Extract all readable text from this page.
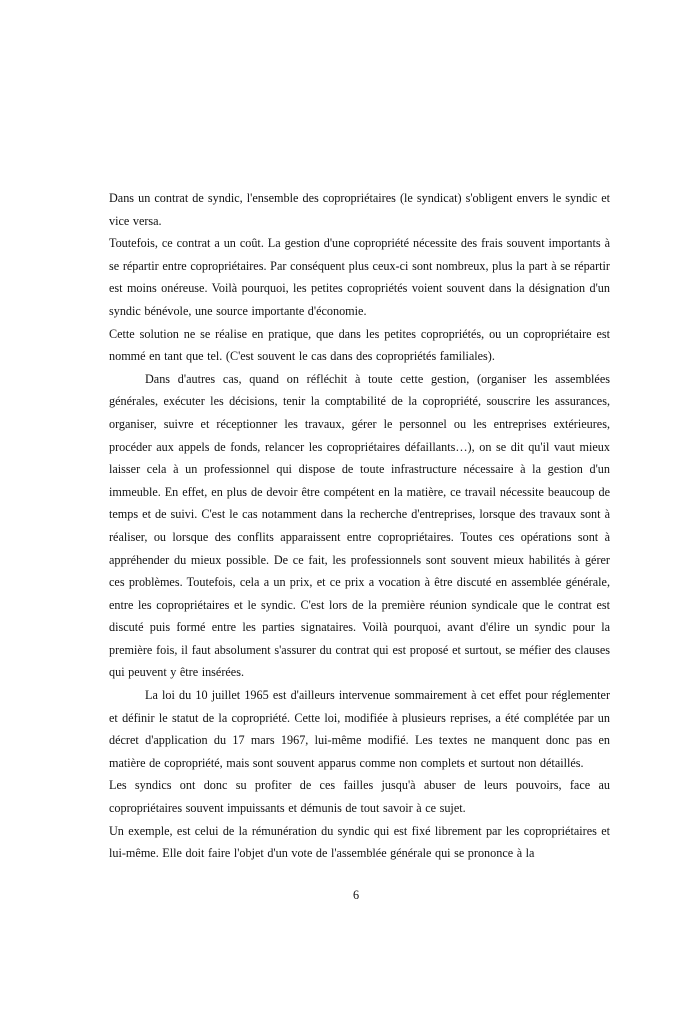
Dans un contrat de syndic, l'ensemble des copropriétaires (le syndicat) s'obligent envers le syndic et vice versa.

Toutefois, ce contrat a un coût. La gestion d'une copropriété nécessite des frais souvent importants à se répartir entre copropriétaires. Par conséquent plus ceux-ci sont nombreux, plus la part à se répartir est moins onéreuse. Voilà pourquoi, les petites copropriétés voient souvent dans la désignation d'un syndic bénévole, une source importante d'économie.

Cette solution ne se réalise en pratique, que dans les petites copropriétés, ou un copropriétaire est nommé en tant que tel. (C'est souvent le cas dans des copropriétés familiales).

Dans d'autres cas, quand on réfléchit à toute cette gestion, (organiser les assemblées générales, exécuter les décisions, tenir la comptabilité de la copropriété, souscrire les assurances, organiser, suivre et réceptionner les travaux, gérer le personnel ou les entreprises extérieures, procéder aux appels de fonds, relancer les copropriétaires défaillants…), on se dit qu'il vaut mieux laisser cela à un professionnel qui dispose de toute infrastructure nécessaire à la gestion d'un immeuble. En effet, en plus de devoir être compétent en la matière, ce travail nécessite beaucoup de temps et de suivi. C'est le cas notamment dans la recherche d'entreprises, lorsque des travaux sont à réaliser, ou lorsque des conflits apparaissent entre copropriétaires. Toutes ces opérations sont à appréhender du mieux possible. De ce fait, les professionnels sont souvent mieux habilités à gérer ces problèmes. Toutefois, cela a un prix, et ce prix a vocation à être discuté en assemblée générale, entre les copropriétaires et le syndic. C'est lors de la première réunion syndicale que le contrat est discuté puis formé entre les parties signataires. Voilà pourquoi, avant d'élire un syndic pour la première fois, il faut absolument s'assurer du contrat qui est proposé et surtout, se méfier des clauses qui peuvent y être insérées.

La loi du 10 juillet 1965 est d'ailleurs intervenue sommairement à cet effet pour réglementer et définir le statut de la copropriété. Cette loi, modifiée à plusieurs reprises, a été complétée par un décret d'application du 17 mars 1967, lui-même modifié. Les textes ne manquent donc pas en matière de copropriété, mais sont souvent apparus comme non complets et surtout non détaillés.

Les syndics ont donc su profiter de ces failles jusqu'à abuser de leurs pouvoirs, face au copropriétaires souvent impuissants et démunis de tout savoir à ce sujet.

Un exemple, est celui de la rémunération du syndic qui est fixé librement par les copropriétaires et lui-même. Elle doit faire l'objet d'un vote de l'assemblée générale qui se prononce à la

6
